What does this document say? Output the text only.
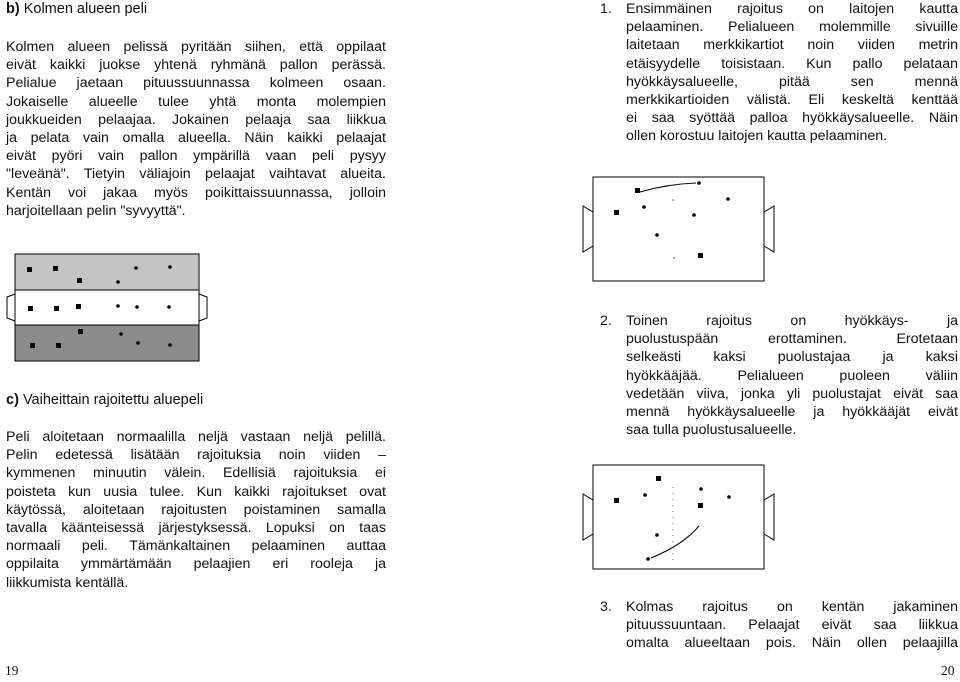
b) Kolmen alueen peli
Kolmen alueen pelissä pyritään siihen, että oppilaat
eivät kaikki juokse yhtenä ryhmänä pallon perässä.
Pelialue jaetaan pituussuunnassa kolmeen osaan.
Jokaiselle alueelle tulee yhtä monta molempien
joukkueiden pelaajaa. Jokainen pelaaja saa liikkua
ja pelata vain omalla alueella. Näin kaikki pelaajat
eivät pyöri vain pallon ympärillä vaan peli pysyy
"leveänä". Tietyin väliajoin pelaajat vaihtavat alueita.
Kentän voi jakaa myös poikittaissuunnassa, jolloin
harjoitellaan pelin "syvyyttä".
c) Vaiheittain rajoitettu aluepeli
Peli aloitetaan normaalilla neljä vastaan neljä pelillä.
Pelin edetessä lisätään rajoituksia noin viiden –
kymmenen minuutin välein. Edellisiä rajoituksia ei
poisteta kun uusia tulee. Kun kaikki rajoitukset ovat
käytössä, aloitetaan rajoitusten poistaminen samalla
tavalla käänteisessä järjestyksessä. Lopuksi on taas
normaali peli. Tämänkaltainen pelaaminen auttaa
oppilaita ymmärtämään pelaajien eri rooleja ja
liikkumista kentällä.
19
1. Ensimmäinen rajoitus on laitojen kautta
pelaaminen. Pelialueen molemmille sivuille
laitetaan merkkikartiot noin viiden metrin
etäisyydelle toisistaan. Kun pallo pelataan
hyökkäysalueelle, pitää sen mennä
merkkikartioiden välistä. Eli keskeltä kenttää
ei saa syöttää palloa hyökkäysalueelle. Näin
ollen korostuu laitojen kautta pelaaminen.
2. Toinen rajoitus on hyökkäys- ja
puolustuspään erottaminen. Erotetaan
selkeästi kaksi puolustajaa ja kaksi
hyökkääjää. Pelialueen puoleen väliin
vedetään viiva, jonka yli puolustajat eivät saa
mennä hyökkäysalueelle ja hyökkääjät eivät
saa tulla puolustusalueelle.
3. Kolmas rajoitus on kentän jakaminen
pituussuuntaan. Pelaajat eivät saa liikkua
omalta alueeltaan pois. Näin ollen pelaajilla
20
